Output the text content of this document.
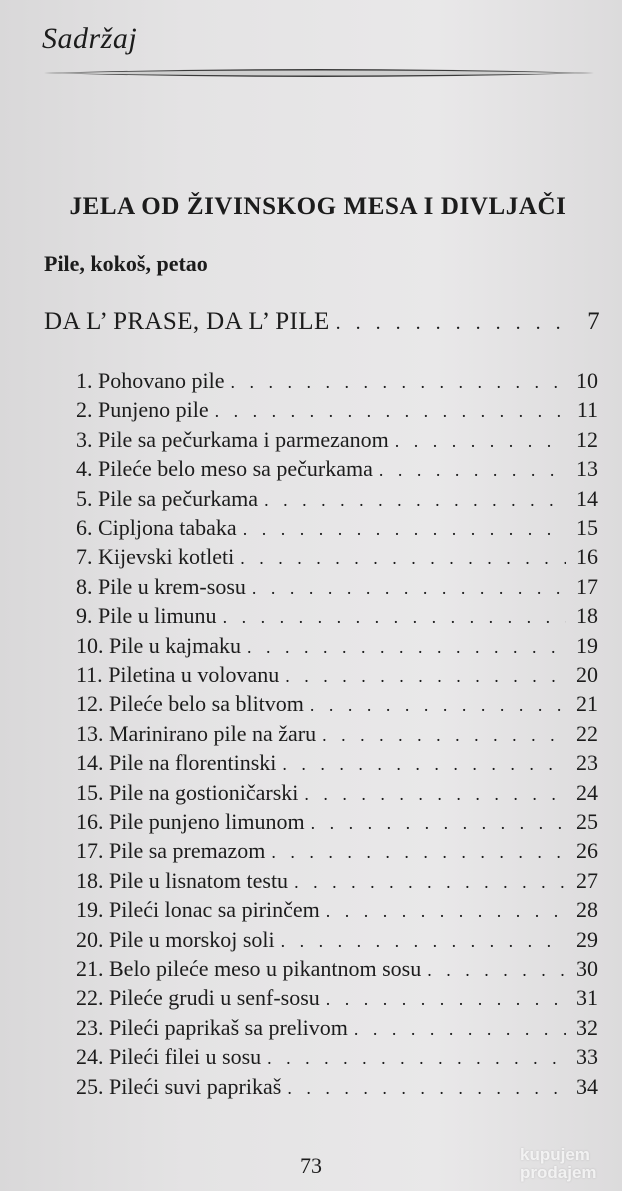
Sadržaj
JELA OD ŽIVINSKOG MESA I DIVLJAČI
Pile, kokoš, petao
DA L’ PRASE, DA L’ PILE . . .	7
1. Pohovano pile . . .	10
2. Punjeno pile . . .	11
3. Pile sa pečurkama i parmezanom . . .	12
4. Pileće belo meso sa pečurkama . . .	13
5. Pile sa pečurkama . . .	14
6. Cipljona tabaka . . .	15
7. Kijevski kotleti . . .	16
8. Pile u krem-sosu . . .	17
9. Pile u limunu . . .	18
10. Pile u kajmaku . . .	19
11. Piletina u volovanu . . .	20
12. Pileće belo sa blitvom . . .	21
13. Marinirano pile na žaru . . .	22
14. Pile na florentinski . . .	23
15. Pile na gostioničarski . . .	24
16. Pile punjeno limunom . . .	25
17. Pile sa premazom . . .	26
18. Pile u lisnatom testu . . .	27
19. Pileći lonac sa pirinčem . . .	28
20. Pile u morskoj soli . . .	29
21. Belo pileće meso u pikantnom sosu . . .	30
22. Pileće grudi u senf-sosu . . .	31
23. Pileći paprikaš sa prelivom . . .	32
24. Pileći filei u sosu . . .	33
25. Pileći suvi paprikaš . . .	34
73	kupujem
prodajem
